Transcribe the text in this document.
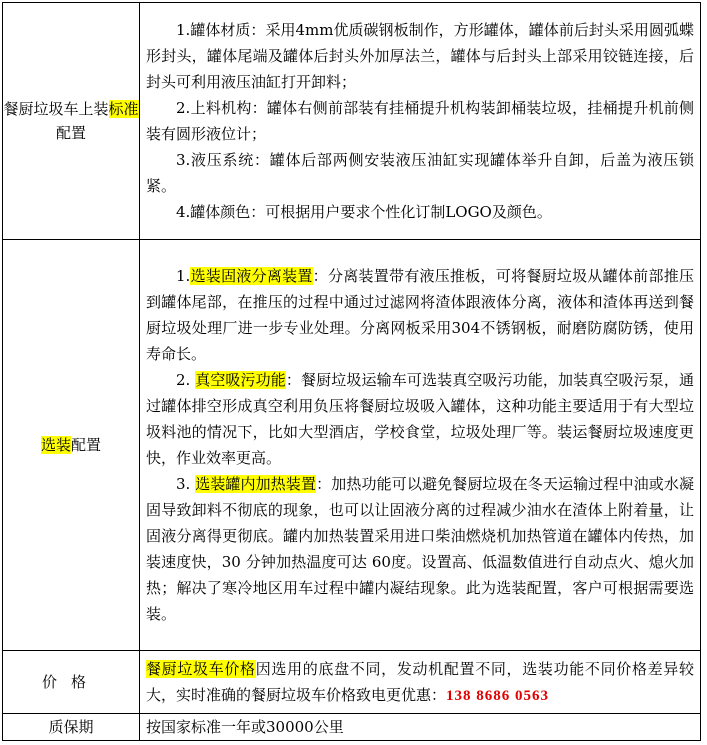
餐厨垃圾车上装标准配置	1.罐体材质：采用4mm优质碳钢板制作，方形罐体，罐体前后封头采用圆弧蝶形封头，罐体尾端及罐体后封头外加厚法兰，罐体与后封头上部采用铰链连接，后封头可利用液压油缸打开卸料；

2.上料机构：罐体右侧前部装有挂桶提升机构装卸桶装垃圾，挂桶提升机前侧装有圆形液位计；

3.液压系统：罐体后部两侧安装液压油缸实现罐体举升自卸，后盖为液压锁紧。

4.罐体颜色：可根据用户要求个性化订制LOGO及颜色。

选装配置	1.选装固液分离装置：分离装置带有液压推板，可将餐厨垃圾从罐体前部推压到罐体尾部，在推压的过程中通过过滤网将渣体跟液体分离，液体和渣体再送到餐厨垃圾处理厂进一步专业处理。分离网板采用304不锈钢板，耐磨防腐防锈，使用寿命长。

2. 真空吸污功能：餐厨垃圾运输车可选装真空吸污功能，加装真空吸污泵，通过罐体排空形成真空利用负压将餐厨垃圾吸入罐体，这种功能主要适用于有大型垃圾料池的情况下，比如大型酒店，学校食堂，垃圾处理厂等。装运餐厨垃圾速度更快，作业效率更高。

3. 选装罐内加热装置：加热功能可以避免餐厨垃圾在冬天运输过程中油或水凝固导致卸料不彻底的现象，也可以让固液分离的过程减少油水在渣体上附着量，让固液分离得更彻底。罐内加热装置采用进口柴油燃烧机加热管道在罐体内传热，加装速度快，30 分钟加热温度可达 60度。设置高、低温数值进行自动点火、熄火加热；解决了寒冷地区用车过程中罐内凝结现象。此为选装配置，客户可根据需要选装。

价格	餐厨垃圾车价格因选用的底盘不同，发动机配置不同，选装功能不同价格差异较大，实时准确的餐厨垃圾车价格致电更优惠：138 8686 0563
质保期	按国家标准一年或30000公里
